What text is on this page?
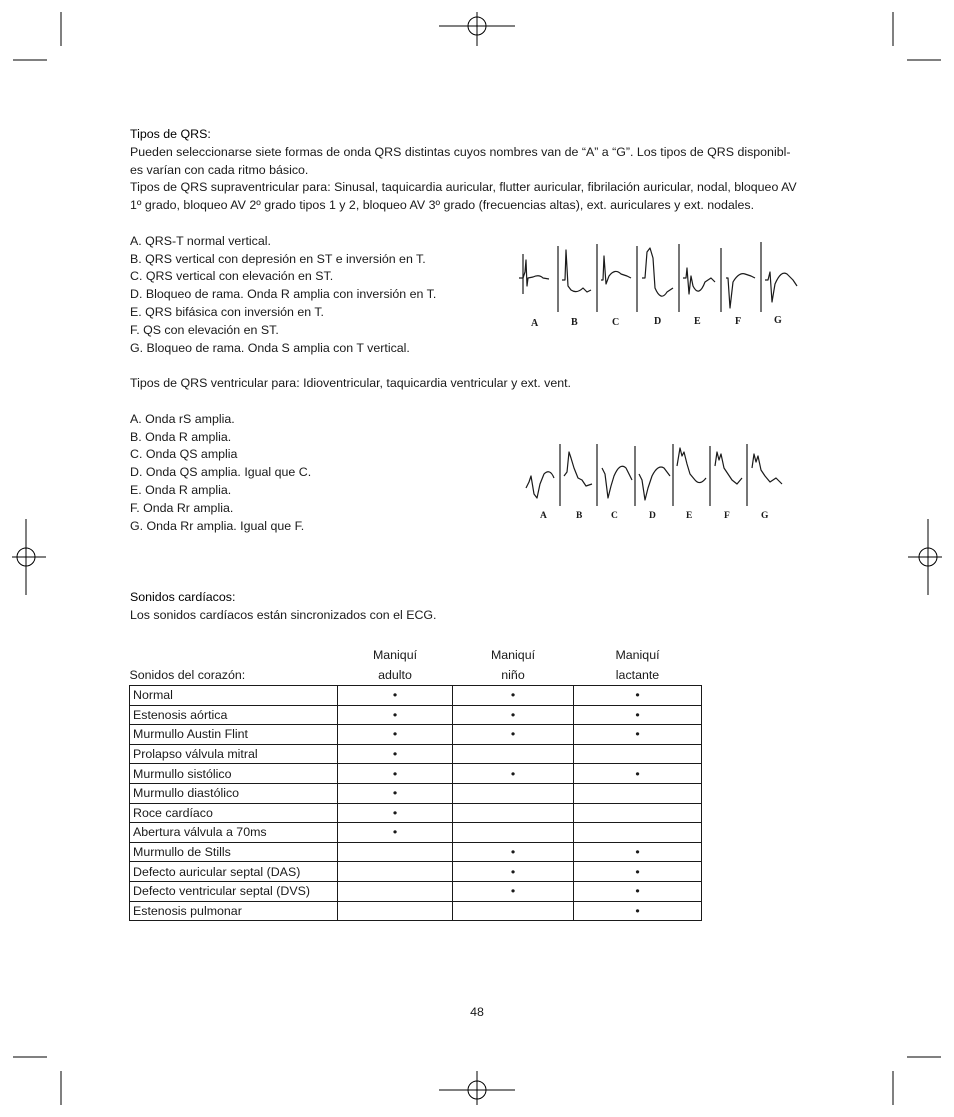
Tipos de QRS:

Pueden seleccionarse siete formas de onda QRS distintas cuyos nombres van de “A” a “G”. Los tipos de QRS disponibl-

es varían con cada ritmo básico.

Tipos de QRS supraventricular para: Sinusal, taquicardia auricular, flutter auricular, fibrilación auricular, nodal, bloqueo AV

1º grado, bloqueo AV 2º grado tipos 1 y 2, bloqueo AV 3º grado (frecuencias altas), ext. auriculares y ext. nodales.

A. QRS-T normal vertical.
B. QRS vertical con depresión en ST e inversión en T.
C. QRS vertical con elevación en ST.
D. Bloqueo de rama. Onda R amplia con inversión en T.
E. QRS bifásica con inversión en T.
F. QS con elevación en ST.
G. Bloqueo de rama. Onda S amplia con T vertical.

Tipos de QRS ventricular para: Idioventricular, taquicardia ventricular y ext. vent.

A. Onda rS amplia.
B. Onda R amplia.
C. Onda QS amplia
D. Onda QS amplia. Igual que C.
E. Onda R amplia.
F. Onda Rr amplia.
G. Onda Rr amplia. Igual que F.

Sonidos cardíacos:

Los sonidos cardíacos están sincronizados con el ECG.

A	B	C	D	E	F	G
A	B	C	D	E	F	G
	Maniquí	Maniquí	Maniquí
Sonidos del corazón:	adulto	niño	lactante
Normal	•	•	•
Estenosis aórtica	•	•	•
Murmullo Austin Flint	•	•	•
Prolapso válvula mitral	•		
Murmullo sistólico	•	•	•
Murmullo diastólico	•		
Roce cardíaco	•		
Abertura válvula a 70ms	•		
Murmullo de Stills		•	•
Defecto auricular septal (DAS)		•	•
Defecto ventricular septal (DVS)		•	•
Estenosis pulmonar			•
48
